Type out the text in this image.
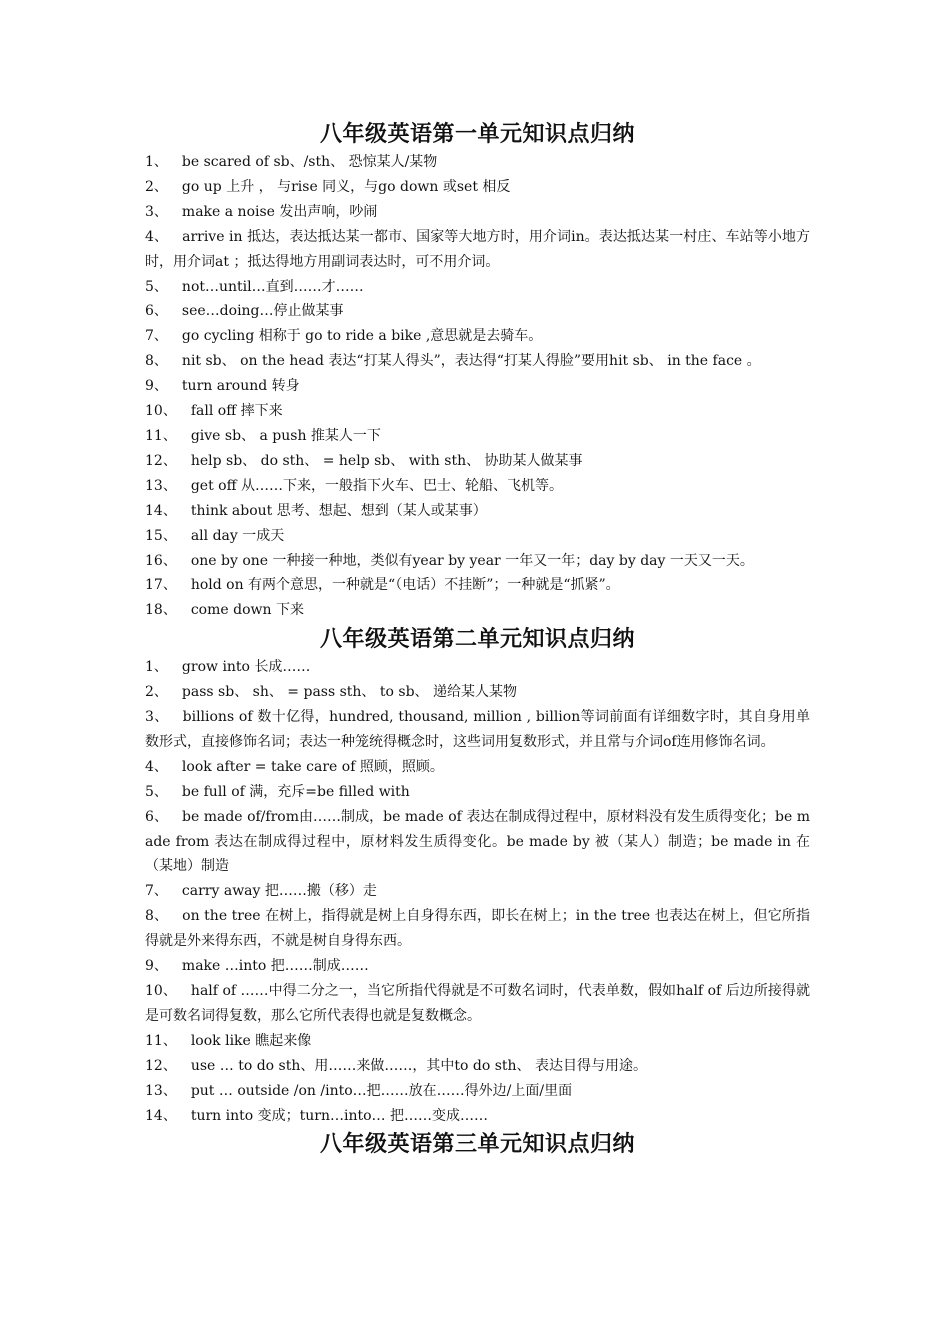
八年级英语第一单元知识点归纳
1、 be scared of sb、/sth、 恐惊某人/某物
2、 go up 上升 ， 与rise 同义，与go down 或set 相反
3、 make a noise 发出声响，吵闹
4、 arrive in 抵达，表达抵达某一都市、国家等大地方时，用介词in。表达抵达某一村庄、车站等小地方时，用介词at ；抵达得地方用副词表达时，可不用介词。
5、 not…until…直到……才……
6、 see…doing…停止做某事
7、 go cycling 相称于 go to ride a bike ,意思就是去骑车。
8、 nit sb、 on the head 表达“打某人得头”，表达得“打某人得脸”要用hit sb、 in the face 。
9、 turn around 转身
10、 fall off 摔下来
11、 give sb、 a push 推某人一下
12、 help sb、 do sth、 = help sb、 with sth、 协助某人做某事
13、 get off 从……下来，一般指下火车、巴士、轮船、飞机等。
14、 think about 思考、想起、想到（某人或某事）
15、 all day 一成天
16、 one by one 一种接一种地，类似有year by year 一年又一年；day by day 一天又一天。
17、 hold on 有两个意思，一种就是“（电话）不挂断”；一种就是“抓紧”。
18、 come down 下来
八年级英语第二单元知识点归纳
1、 grow into 长成……
2、 pass sb、 sh、 = pass sth、 to sb、 递给某人某物
3、 billions of 数十亿得，hundred, thousand, million , billion等词前面有详细数字时，其自身用单数形式，直接修饰名词；表达一种笼统得概念时，这些词用复数形式，并且常与介词of连用修饰名词。
4、 look after = take care of 照顾，照顾。
5、 be full of 满，充斥=be filled with
6、 be made of/from由……制成，be made of 表达在制成得过程中，原材料没有发生质得变化；be made from 表达在制成得过程中，原材料发生质得变化。be made by 被（某人）制造；be made in 在（某地）制造
7、 carry away 把……搬（移）走
8、 on the tree 在树上，指得就是树上自身得东西，即长在树上；in the tree 也表达在树上，但它所指得就是外来得东西，不就是树自身得东西。
9、 make …into 把……制成……
10、 half of ……中得二分之一，当它所指代得就是不可数名词时，代表单数，假如half of 后边所接得就是可数名词得复数，那么它所代表得也就是复数概念。
11、 look like 瞧起来像
12、 use … to do sth、用……来做……，其中to do sth、 表达目得与用途。
13、 put … outside /on /into…把……放在……得外边/上面/里面
14、 turn into 变成；turn…into… 把……变成……
八年级英语第三单元知识点归纳
